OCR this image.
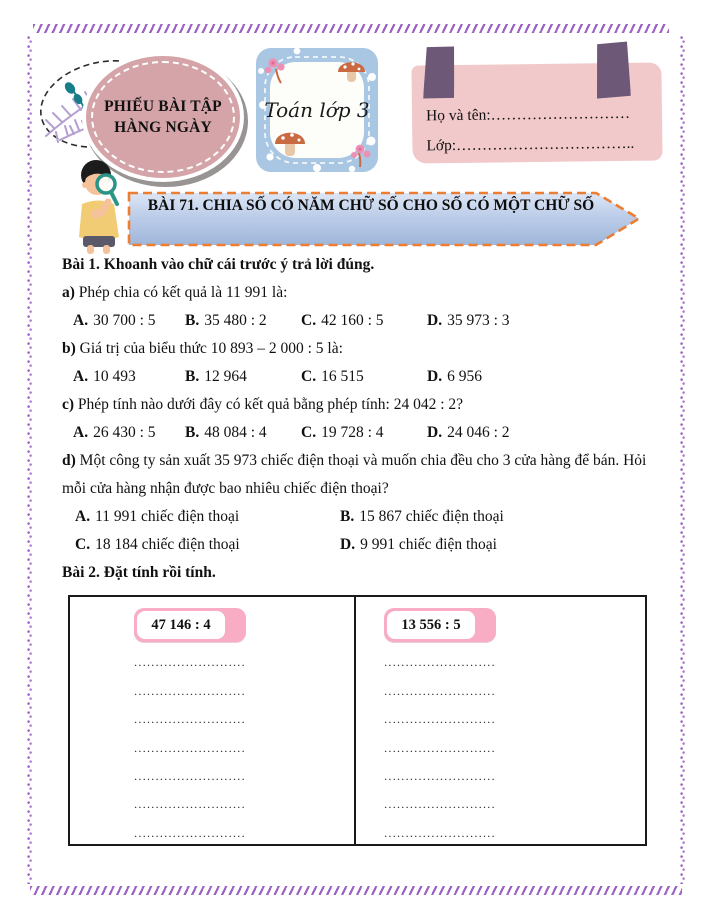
PHIẾU BÀI TẬP
HÀNG NGÀY
Toán lớp 3	Họ và tên:………………………
Lớp:……………………………..
BÀI 71. CHIA SỐ CÓ NĂM CHỮ SỐ CHO SỐ CÓ MỘT CHỮ SỐ

Bài 1. Khoanh vào chữ cái trước ý trả lời đúng.

a) Phép chia có kết quả là 11 991 là:

A. 30 700 : 5	B. 35 480 : 2	C. 42 160 : 5	D. 35 973 : 3

b) Giá trị của biểu thức 10 893 – 2 000 : 5 là:

A. 10 493	B. 12 964	C. 16 515	D. 6 956

c) Phép tính nào dưới đây có kết quả bằng phép tính: 24 042 : 2?

A. 26 430 : 5	B. 48 084 : 4	C. 19 728 : 4	D. 24 046 : 2

d) Một công ty sản xuất 35 973 chiếc điện thoại và muốn chia đều cho 3 cửa hàng để bán. Hỏi mỗi cửa hàng nhận được bao nhiêu chiếc điện thoại?

A. 11 991 chiếc điện thoại	B. 15 867 chiếc điện thoại
C. 18 184 chiếc điện thoại	D. 9 991 chiếc điện thoại

Bài 2. Đặt tính rồi tính.

47 146 : 4
..........................
..........................
..........................
..........................
..........................
..........................
..........................
13 556 : 5
..........................
..........................
..........................
..........................
..........................
..........................
..........................
